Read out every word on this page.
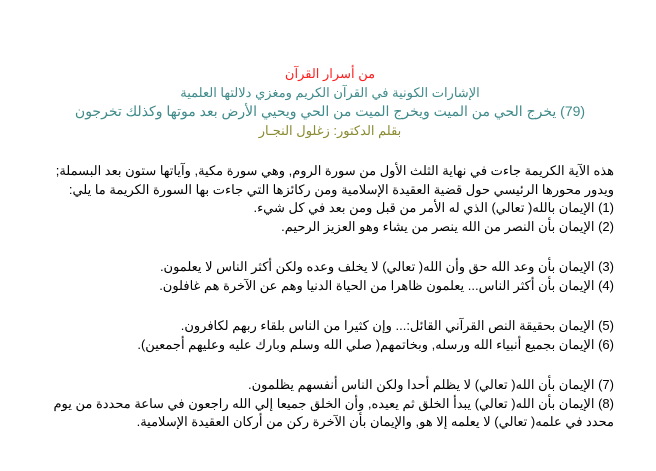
من أسرار القرآن
الإشارات الكونية في القرآن الكريم ومغزي دلالتها العلمية
(79) يخرج الحي من الميت ويخرج الميت من الحي ويحيي الأرض بعد موتها وكذلك تخرجون
بقلم الدكتور: زغلول النجـار

هذه الآية الكريمة جاءت في نهاية الثلث الأول من سورة الروم, وهي سورة مكية, وآياتها ستون بعد البسملة; ويدور محورها الرئيسي حول قضية العقيدة الإسلامية ومن ركائزها التي جاءت بها السورة الكريمة ما يلي:

(1) الإيمان بالله( تعالي) الذي له الأمر من قبل ومن بعد في كل شيء.

(2) الإيمان بأن النصر من الله ينصر من يشاء وهو العزيز الرحيم.

(3) الإيمان بأن وعد الله حق وأن الله( تعالي) لا يخلف وعده ولكن أكثر الناس لا يعلمون.

(4) الإيمان بأن أكثر الناس... يعلمون ظاهرا من الحياة الدنيا وهم عن الآخرة هم غافلون.

(5) الإيمان بحقيقة النص القرآني القائل:... وإن كثيرا من الناس بلقاء ربهم لكافرون.

(6) الإيمان بجميع أنبياء الله ورسله, وبخاتمهم( صلي الله وسلم وبارك عليه وعليهم أجمعين).

(7) الإيمان بأن الله( تعالي) لا يظلم أحدا ولكن الناس أنفسهم يظلمون.

(8) الإيمان بأن الله( تعالي) يبدأ الخلق ثم يعيده, وأن الخلق جميعا إلي الله راجعون في ساعة محددة من يوم محدد في علمه( تعالي) لا يعلمه إلا هو, والإيمان بأن الآخرة ركن من أركان العقيدة الإسلامية.
